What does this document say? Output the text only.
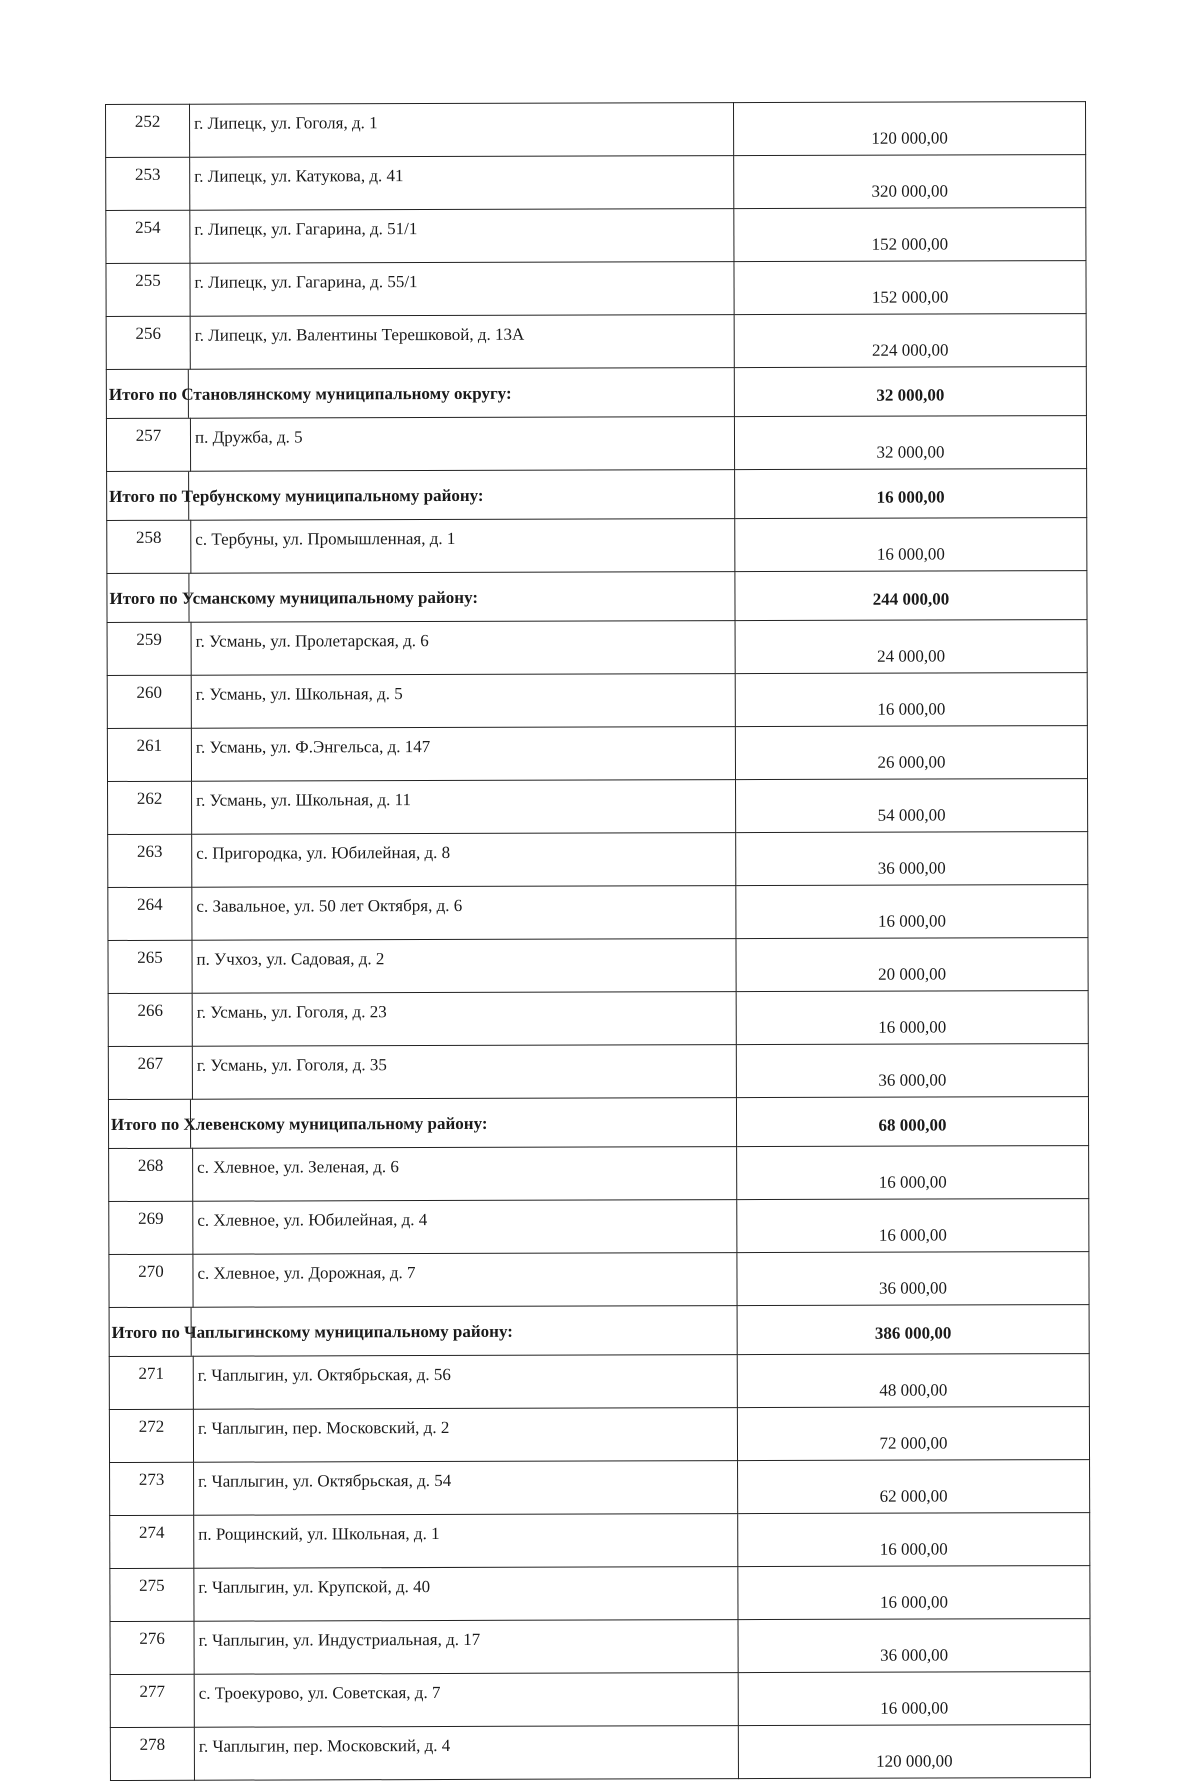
252	г. Липецк, ул. Гоголя, д. 1	120 000,00
253	г. Липецк, ул. Катукова, д. 41	320 000,00
254	г. Липецк, ул. Гагарина, д. 51/1	152 000,00
255	г. Липецк, ул. Гагарина, д. 55/1	152 000,00
256	г. Липецк, ул. Валентины Терешковой, д. 13А	224 000,00
Итого по Становлянскому муниципальному округу:		32 000,00
257	п. Дружба, д. 5	32 000,00
Итого по Тербунскому муниципальному району:		16 000,00
258	с. Тербуны, ул. Промышленная, д. 1	16 000,00
Итого по Усманскому муниципальному району:		244 000,00
259	г. Усмань, ул. Пролетарская, д. 6	24 000,00
260	г. Усмань, ул. Школьная, д. 5	16 000,00
261	г. Усмань, ул. Ф.Энгельса, д. 147	26 000,00
262	г. Усмань, ул. Школьная, д. 11	54 000,00
263	с. Пригородка, ул. Юбилейная, д. 8	36 000,00
264	с. Завальное, ул. 50 лет Октября, д. 6	16 000,00
265	п. Учхоз, ул. Садовая, д. 2	20 000,00
266	г. Усмань, ул. Гоголя, д. 23	16 000,00
267	г. Усмань, ул. Гоголя, д. 35	36 000,00
Итого по Хлевенскому муниципальному району:		68 000,00
268	с. Хлевное, ул. Зеленая, д. 6	16 000,00
269	с. Хлевное, ул. Юбилейная, д. 4	16 000,00
270	с. Хлевное, ул. Дорожная, д. 7	36 000,00
Итого по Чаплыгинскому муниципальному району:		386 000,00
271	г. Чаплыгин, ул. Октябрьская, д. 56	48 000,00
272	г. Чаплыгин, пер. Московский, д. 2	72 000,00
273	г. Чаплыгин, ул. Октябрьская, д. 54	62 000,00
274	п. Рощинский, ул. Школьная, д. 1	16 000,00
275	г. Чаплыгин, ул. Крупской, д. 40	16 000,00
276	г. Чаплыгин, ул. Индустриальная, д. 17	36 000,00
277	с. Троекурово, ул. Советская, д. 7	16 000,00
278	г. Чаплыгин, пер. Московский, д. 4	120 000,00
